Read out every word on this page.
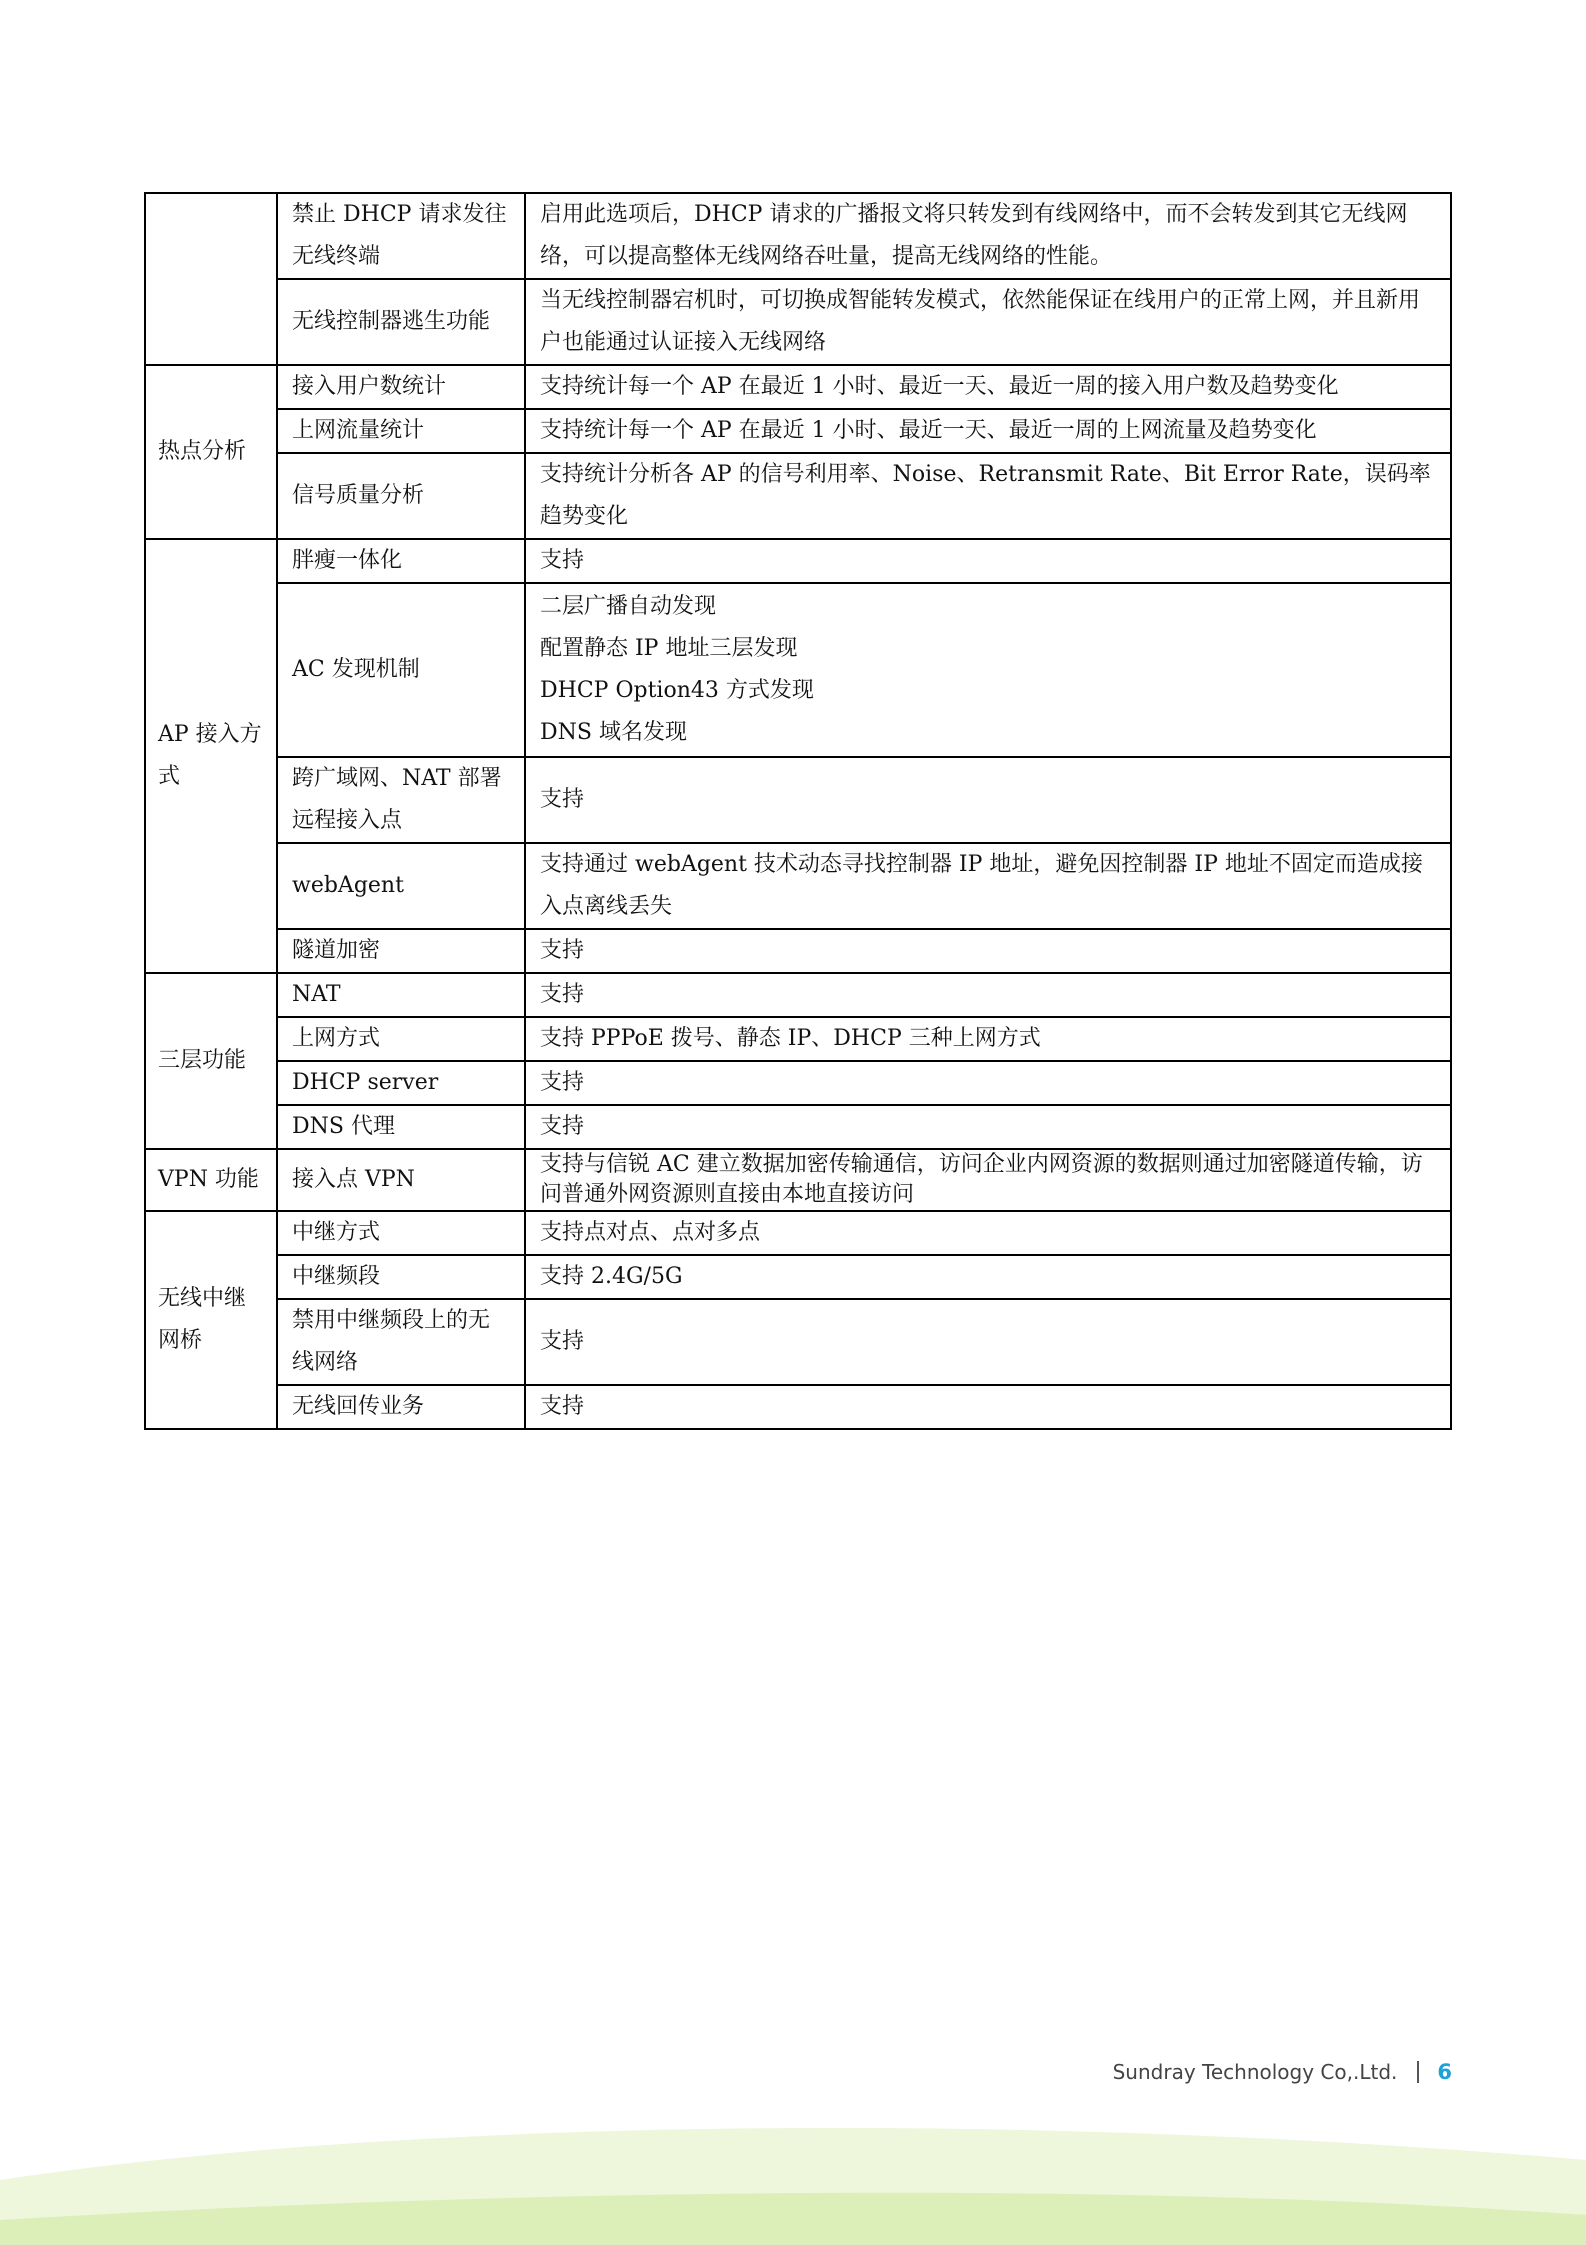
	禁止 DHCP 请求发往无线终端	启用此选项后，DHCP 请求的广播报文将只转发到有线网络中，而不会转发到其它无线网络，可以提高整体无线网络吞吐量，提高无线网络的性能。
	无线控制器逃生功能	当无线控制器宕机时，可切换成智能转发模式，依然能保证在线用户的正常上网，并且新用户也能通过认证接入无线网络
热点分析	接入用户数统计	支持统计每一个 AP 在最近 1 小时、最近一天、最近一周的接入用户数及趋势变化
	上网流量统计	支持统计每一个 AP 在最近 1 小时、最近一天、最近一周的上网流量及趋势变化
	信号质量分析	支持统计分析各 AP 的信号利用率、Noise、Retransmit Rate、Bit Error Rate，误码率趋势变化
AP 接入方式	胖瘦一体化	支持
	AC 发现机制	二层广播自动发现
配置静态 IP 地址三层发现
DHCP Option43 方式发现
DNS 域名发现

	跨广域网、NAT 部署远程接入点	支持
	webAgent	支持通过 webAgent 技术动态寻找控制器 IP 地址，避免因控制器 IP 地址不固定而造成接入点离线丢失
	隧道加密	支持
三层功能	NAT	支持
	上网方式	支持 PPPoE 拨号、静态 IP、DHCP 三种上网方式
	DHCP server	支持
	DNS 代理	支持
VPN 功能	接入点 VPN	支持与信锐 AC 建立数据加密传输通信，访问企业内网资源的数据则通过加密隧道传输，访问普通外网资源则直接由本地直接访问
无线中继网桥	中继方式	支持点对点、点对多点
	中继频段	支持 2.4G/5G
	禁用中继频段上的无线网络	支持
	无线回传业务	支持
Sundray Technology Co,.Ltd. 6
